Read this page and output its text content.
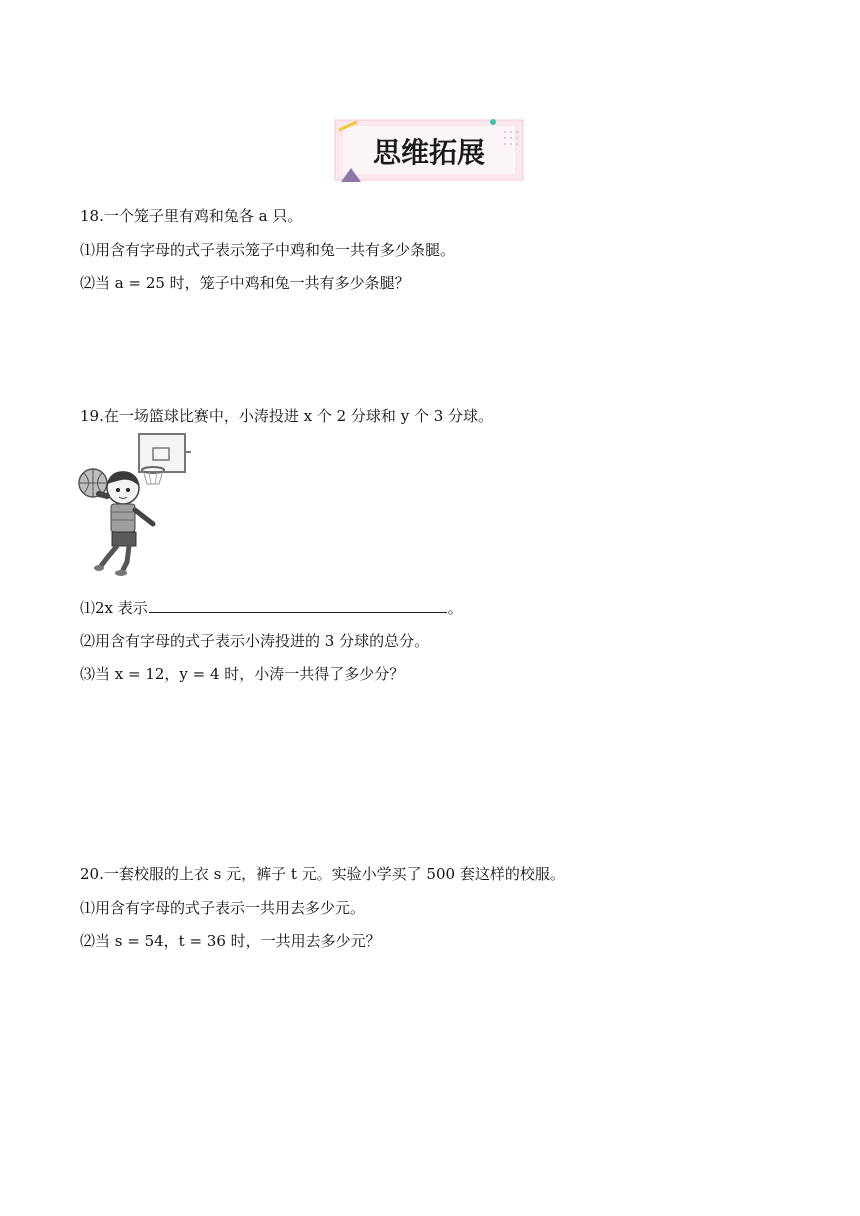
思维拓展
18.一个笼子里有鸡和兔各 a 只。
⑴用含有字母的式子表示笼子中鸡和兔一共有多少条腿。
⑵当 a = 25 时，笼子中鸡和兔一共有多少条腿？
19.在一场篮球比赛中，小涛投进 x 个 2 分球和 y 个 3 分球。
⑴2x 表示	。
⑵用含有字母的式子表示小涛投进的 3 分球的总分。
⑶当 x = 12，y = 4 时，小涛一共得了多少分？
20.一套校服的上衣 s 元，裤子 t 元。实验小学买了 500 套这样的校服。
⑴用含有字母的式子表示一共用去多少元。
⑵当 s = 54，t = 36 时，一共用去多少元？
